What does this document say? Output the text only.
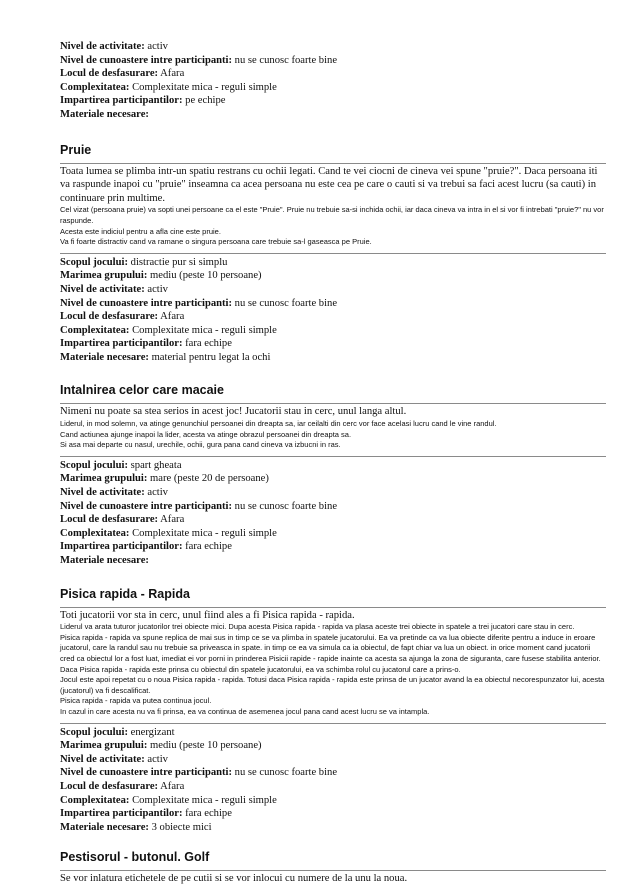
Nivel de activitate: activ
Nivel de cunoastere intre participanti: nu se cunosc foarte bine
Locul de desfasurare: Afara
Complexitatea: Complexitate mica - reguli simple
Impartirea participantilor: pe echipe
Materiale necesare:
Pruie
Toata lumea se plimba intr-un spatiu restrans cu ochii legati. Cand te vei ciocni de cineva vei spune "pruie?". Daca persoana iti va raspunde inapoi cu "pruie" inseamna ca acea persoana nu este cea pe care o cauti si va trebui sa faci acest lucru (sa cauti) in continuare prin multime.
Cel vizat (persoana pruie) va sopti unei persoane ca el este "Pruie". Pruie nu trebuie sa-si inchida ochii, iar daca cineva va intra in el si vor fi intrebati "pruie?" nu vor raspunde.
Acesta este indiciul pentru a afla cine este pruie.
Va fi foarte distractiv cand va ramane o singura persoana care trebuie sa-l gaseasca pe Pruie.
Scopul jocului: distractie pur si simplu
Marimea grupului: mediu (peste 10 persoane)
Nivel de activitate: activ
Nivel de cunoastere intre participanti: nu se cunosc foarte bine
Locul de desfasurare: Afara
Complexitatea: Complexitate mica - reguli simple
Impartirea participantilor: fara echipe
Materiale necesare: material pentru legat la ochi
Intalnirea celor care macaie
Nimeni nu poate sa stea serios in acest joc! Jucatorii stau in cerc, unul langa altul.
Liderul, in mod solemn, va atinge genunchiul persoanei din dreapta sa, iar ceilalti din cerc vor face acelasi lucru cand le vine randul.
Cand actiunea ajunge inapoi la lider, acesta va atinge obrazul persoanei din dreapta sa.
Si asa mai departe cu nasul, urechile, ochii, gura pana cand cineva va izbucni in ras.
Scopul jocului: spart gheata
Marimea grupului: mare (peste 20 de persoane)
Nivel de activitate: activ
Nivel de cunoastere intre participanti: nu se cunosc foarte bine
Locul de desfasurare: Afara
Complexitatea: Complexitate mica - reguli simple
Impartirea participantilor: fara echipe
Materiale necesare:
Pisica rapida - Rapida
Toti jucatorii vor sta in cerc, unul fiind ales a fi Pisica rapida - rapida.
Liderul va arata tuturor jucatorilor trei obiecte mici. Dupa acesta Pisica rapida - rapida va plasa aceste trei obiecte in spatele a trei jucatori care stau in cerc.
Pisica rapida - rapida va spune replica de mai sus in timp ce se va plimba in spatele jucatorului. Ea va pretinde ca va lua obiecte diferite pentru a induce in eroare jucatorul, care la randul sau nu trebuie sa priveasca in spate. in timp ce ea va simula ca ia obiectul, de fapt chiar va lua un obiect. in orice moment cand jucatorii cred ca obiectul lor a fost luat, imediat ei vor porni in prinderea Pisicii rapide - rapide inainte ca acesta sa ajunga la zona de siguranta, care fusese stabilita anterior.
Daca Pisica rapida - rapida este prinsa cu obiectul din spatele jucatorului, ea va schimba rolul cu jucatorul care a prins-o.
Jocul este apoi repetat cu o noua Pisica rapida - rapida. Totusi daca Pisica rapida - rapida este prinsa de un jucator avand la ea obiectul necorespunzator lui, acesta (jucatorul) va fi descalificat.
Pisica rapida - rapida va putea continua jocul.
In cazul in care acesta nu va fi prinsa, ea va continua de asemenea jocul pana cand acest lucru se va intampla.
Scopul jocului: energizant
Marimea grupului: mediu (peste 10 persoane)
Nivel de activitate: activ
Nivel de cunoastere intre participanti: nu se cunosc foarte bine
Locul de desfasurare: Afara
Complexitatea: Complexitate mica - reguli simple
Impartirea participantilor: fara echipe
Materiale necesare: 3 obiecte mici
Pestisorul - butonul. Golf
Se vor inlatura etichetele de pe cutii si se vor inlocui cu numere de la unu la noua.
